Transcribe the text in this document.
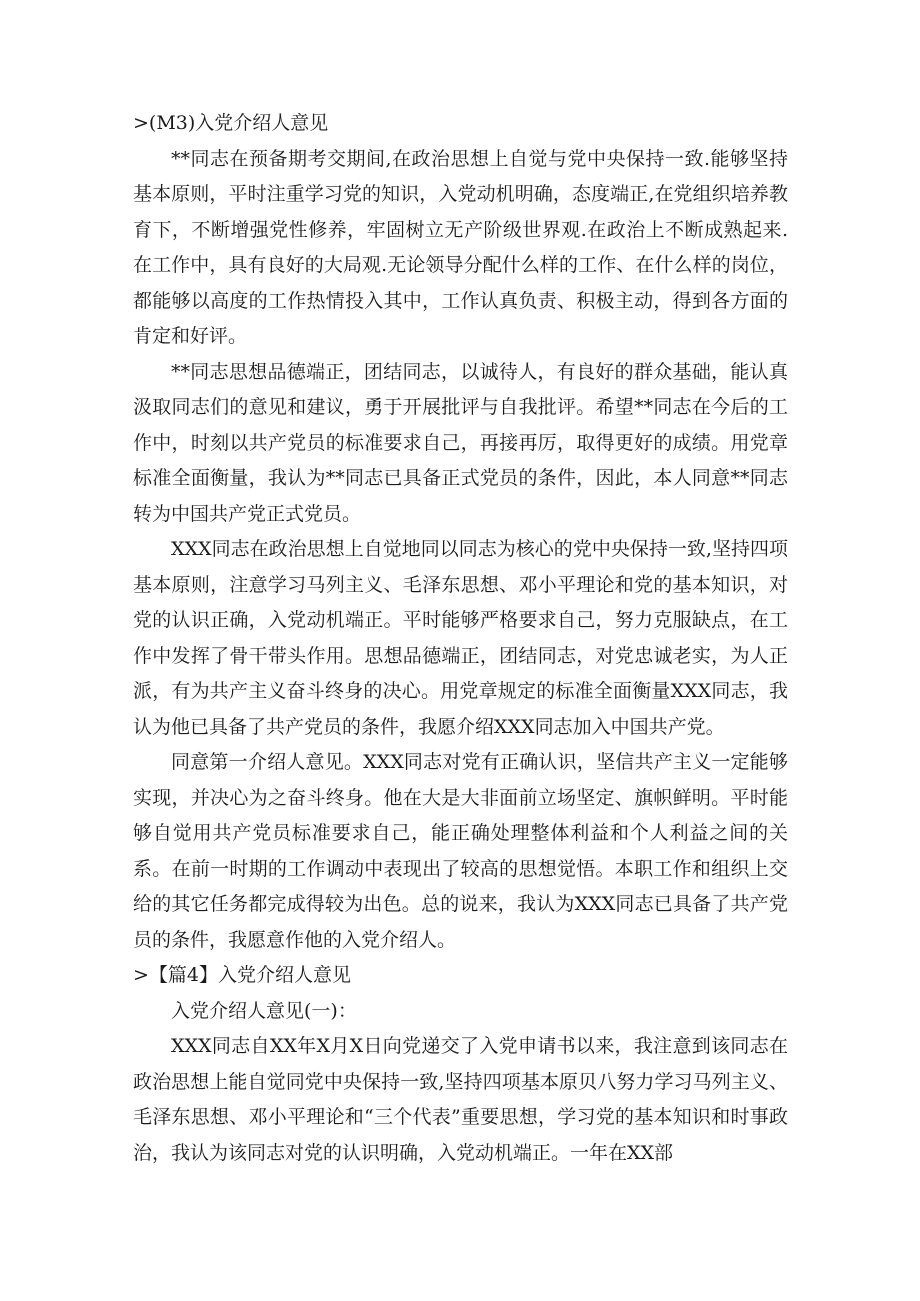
>(M3)入党介绍人意见

**同志在预备期考交期间,在政治思想上自觉与党中央保持一致.能够坚持基本原则，平时注重学习党的知识，入党动机明确，态度端正,在党组织培养教育下，不断增强党性修养，牢固树立无产阶级世界观.在政治上不断成熟起来.在工作中，具有良好的大局观.无论领导分配什么样的工作、在什么样的岗位，都能够以高度的工作热情投入其中，工作认真负责、积极主动，得到各方面的肯定和好评。

**同志思想品德端正，团结同志，以诚待人，有良好的群众基础，能认真汲取同志们的意见和建议，勇于开展批评与自我批评。希望**同志在今后的工作中，时刻以共产党员的标准要求自己，再接再厉，取得更好的成绩。用党章标准全面衡量，我认为**同志已具备正式党员的条件，因此，本人同意**同志转为中国共产党正式党员。

XXX同志在政治思想上自觉地同以同志为核心的党中央保持一致,坚持四项基本原则，注意学习马列主义、毛泽东思想、邓小平理论和党的基本知识，对党的认识正确，入党动机端正。平时能够严格要求自己，努力克服缺点，在工作中发挥了骨干带头作用。思想品德端正，团结同志，对党忠诚老实，为人正派，有为共产主义奋斗终身的决心。用党章规定的标准全面衡量XXX同志，我认为他已具备了共产党员的条件，我愿介绍XXX同志加入中国共产党。

同意第一介绍人意见。XXX同志对党有正确认识，坚信共产主义一定能够实现，并决心为之奋斗终身。他在大是大非面前立场坚定、旗帜鲜明。平时能够自觉用共产党员标准要求自己，能正确处理整体利益和个人利益之间的关系。在前一时期的工作调动中表现出了较高的思想觉悟。本职工作和组织上交给的其它任务都完成得较为出色。总的说来，我认为XXX同志已具备了共产党员的条件，我愿意作他的入党介绍人。

>【篇4】入党介绍人意见

入党介绍人意见(一)：

XXX同志自XX年X月X日向党递交了入党申请书以来，我注意到该同志在政治思想上能自觉同党中央保持一致,坚持四项基本原贝八努力学习马列主义、毛泽东思想、邓小平理论和“三个代表”重要思想，学习党的基本知识和时事政治，我认为该同志对党的认识明确，入党动机端正。一年在XX部
